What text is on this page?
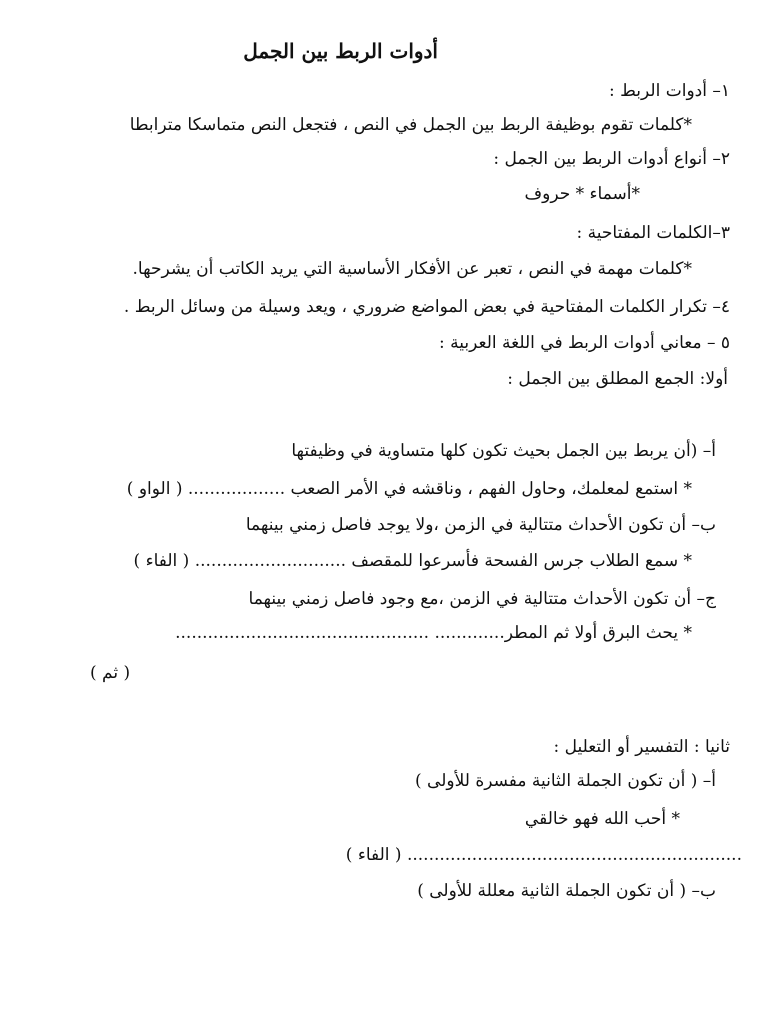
أدوات الربط بين الجمل
١– أدوات الربط :
*كلمات تقوم بوظيفة الربط بين الجمل في النص ، فتجعل النص متماسكا مترابطا
٢– أنواع أدوات الربط بين الجمل :
*أسماء * حروف
٣–الكلمات المفتاحية :
*كلمات مهمة في النص ، تعبر عن الأفكار الأساسية التي يريد الكاتب أن يشرحها.
٤– تكرار الكلمات المفتاحية في بعض المواضع ضروري ، ويعد وسيلة من وسائل الربط .
٥ – معاني أدوات الربط في اللغة العربية :
أولا: الجمع المطلق بين الجمل :
أ– (أن يربط بين الجمل بحيث تكون كلها متساوية في وظيفتها
* استمع لمعلمك، وحاول الفهم ، وناقشه في الأمر الصعب .................. ( الواو )
ب– أن تكون الأحداث متتالية في الزمن ،ولا يوجد فاصل زمني بينهما
* سمع الطلاب جرس الفسحة فأسرعوا للمقصف ............................ ( الفاء )
ج– أن تكون الأحداث متتالية في الزمن ،مع وجود فاصل زمني بينهما
* يحث البرق أولا ثم المطر............. ...............................................
( ثم )
ثانيا : التفسير أو التعليل :
أ– ( أن تكون الجملة الثانية مفسرة للأولى )
* أحب الله فهو خالقي
.............................................................. ( الفاء )
ب– ( أن تكون الجملة الثانية معللة للأولى )
